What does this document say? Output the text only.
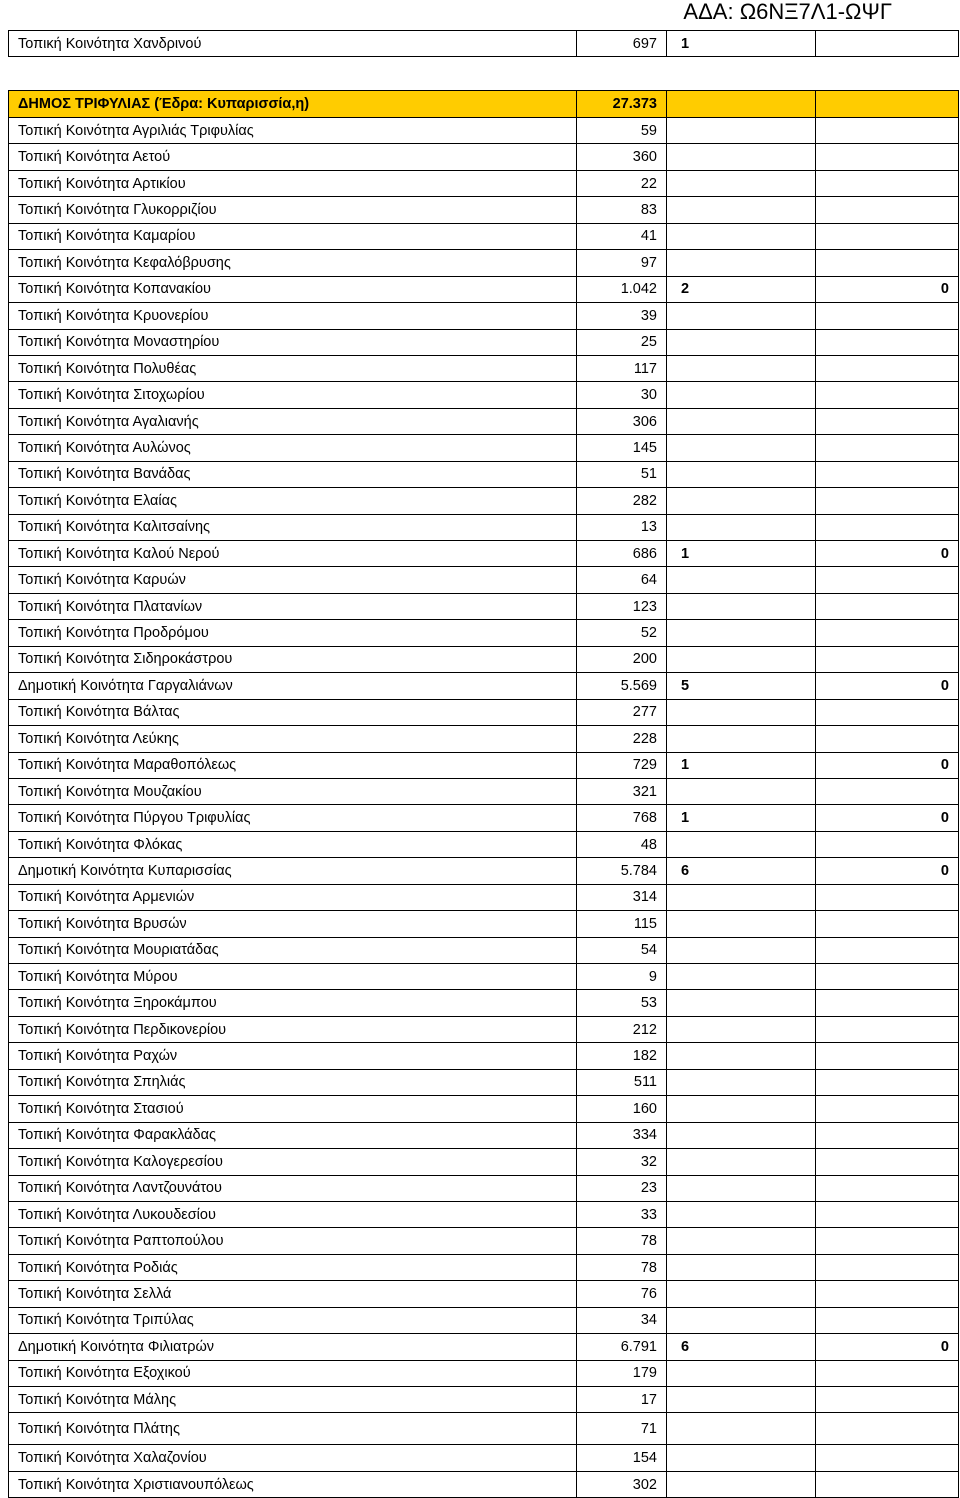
ΑΔΑ: Ω6ΝΞ7Λ1-ΩΨΓ
Τοπική Κοινότητα Χανδρινού	697	1	
ΔΗΜΟΣ ΤΡΙΦΥΛΙΑΣ (Έδρα: Κυπαρισσία,η)	27.373		
Τοπική Κοινότητα Αγριλιάς Τριφυλίας	59		
Τοπική Κοινότητα Αετού	360		
Τοπική Κοινότητα Αρτικίου	22		
Τοπική Κοινότητα Γλυκορριζίου	83		
Τοπική Κοινότητα Καμαρίου	41		
Τοπική Κοινότητα Κεφαλόβρυσης	97		
Τοπική Κοινότητα Κοπανακίου	1.042	2	0
Τοπική Κοινότητα Κρυονερίου	39		
Τοπική Κοινότητα Μοναστηρίου	25		
Τοπική Κοινότητα Πολυθέας	117		
Τοπική Κοινότητα Σιτοχωρίου	30		
Τοπική Κοινότητα Αγαλιανής	306		
Τοπική Κοινότητα Αυλώνος	145		
Τοπική Κοινότητα Βανάδας	51		
Τοπική Κοινότητα Ελαίας	282		
Τοπική Κοινότητα Καλιτσαίνης	13		
Τοπική Κοινότητα Καλού Νερού	686	1	0
Τοπική Κοινότητα Καρυών	64		
Τοπική Κοινότητα Πλατανίων	123		
Τοπική Κοινότητα Προδρόμου	52		
Τοπική Κοινότητα Σιδηροκάστρου	200		
Δημοτική Κοινότητα Γαργαλιάνων	5.569	5	0
Τοπική Κοινότητα Βάλτας	277		
Τοπική Κοινότητα Λεύκης	228		
Τοπική Κοινότητα Μαραθοπόλεως	729	1	0
Τοπική Κοινότητα Μουζακίου	321		
Τοπική Κοινότητα Πύργου Τριφυλίας	768	1	0
Τοπική Κοινότητα Φλόκας	48		
Δημοτική Κοινότητα Κυπαρισσίας	5.784	6	0
Τοπική Κοινότητα Αρμενιών	314		
Τοπική Κοινότητα Βρυσών	115		
Τοπική Κοινότητα Μουριατάδας	54		
Τοπική Κοινότητα Μύρου	9		
Τοπική Κοινότητα Ξηροκάμπου	53		
Τοπική Κοινότητα Περδικονερίου	212		
Τοπική Κοινότητα Ραχών	182		
Τοπική Κοινότητα Σπηλιάς	511		
Τοπική Κοινότητα Στασιού	160		
Τοπική Κοινότητα Φαρακλάδας	334		
Τοπική Κοινότητα Καλογερεσίου	32		
Τοπική Κοινότητα Λαντζουνάτου	23		
Τοπική Κοινότητα Λυκουδεσίου	33		
Τοπική Κοινότητα Ραπτοπούλου	78		
Τοπική Κοινότητα Ροδιάς	78		
Τοπική Κοινότητα Σελλά	76		
Τοπική Κοινότητα Τριπύλας	34		
Δημοτική Κοινότητα Φιλιατρών	6.791	6	0
Τοπική Κοινότητα Εξοχικού	179		
Τοπική Κοινότητα Μάλης	17		
Τοπική Κοινότητα Πλάτης	71		
Τοπική Κοινότητα Χαλαζονίου	154		
Τοπική Κοινότητα Χριστιανουπόλεως	302		
